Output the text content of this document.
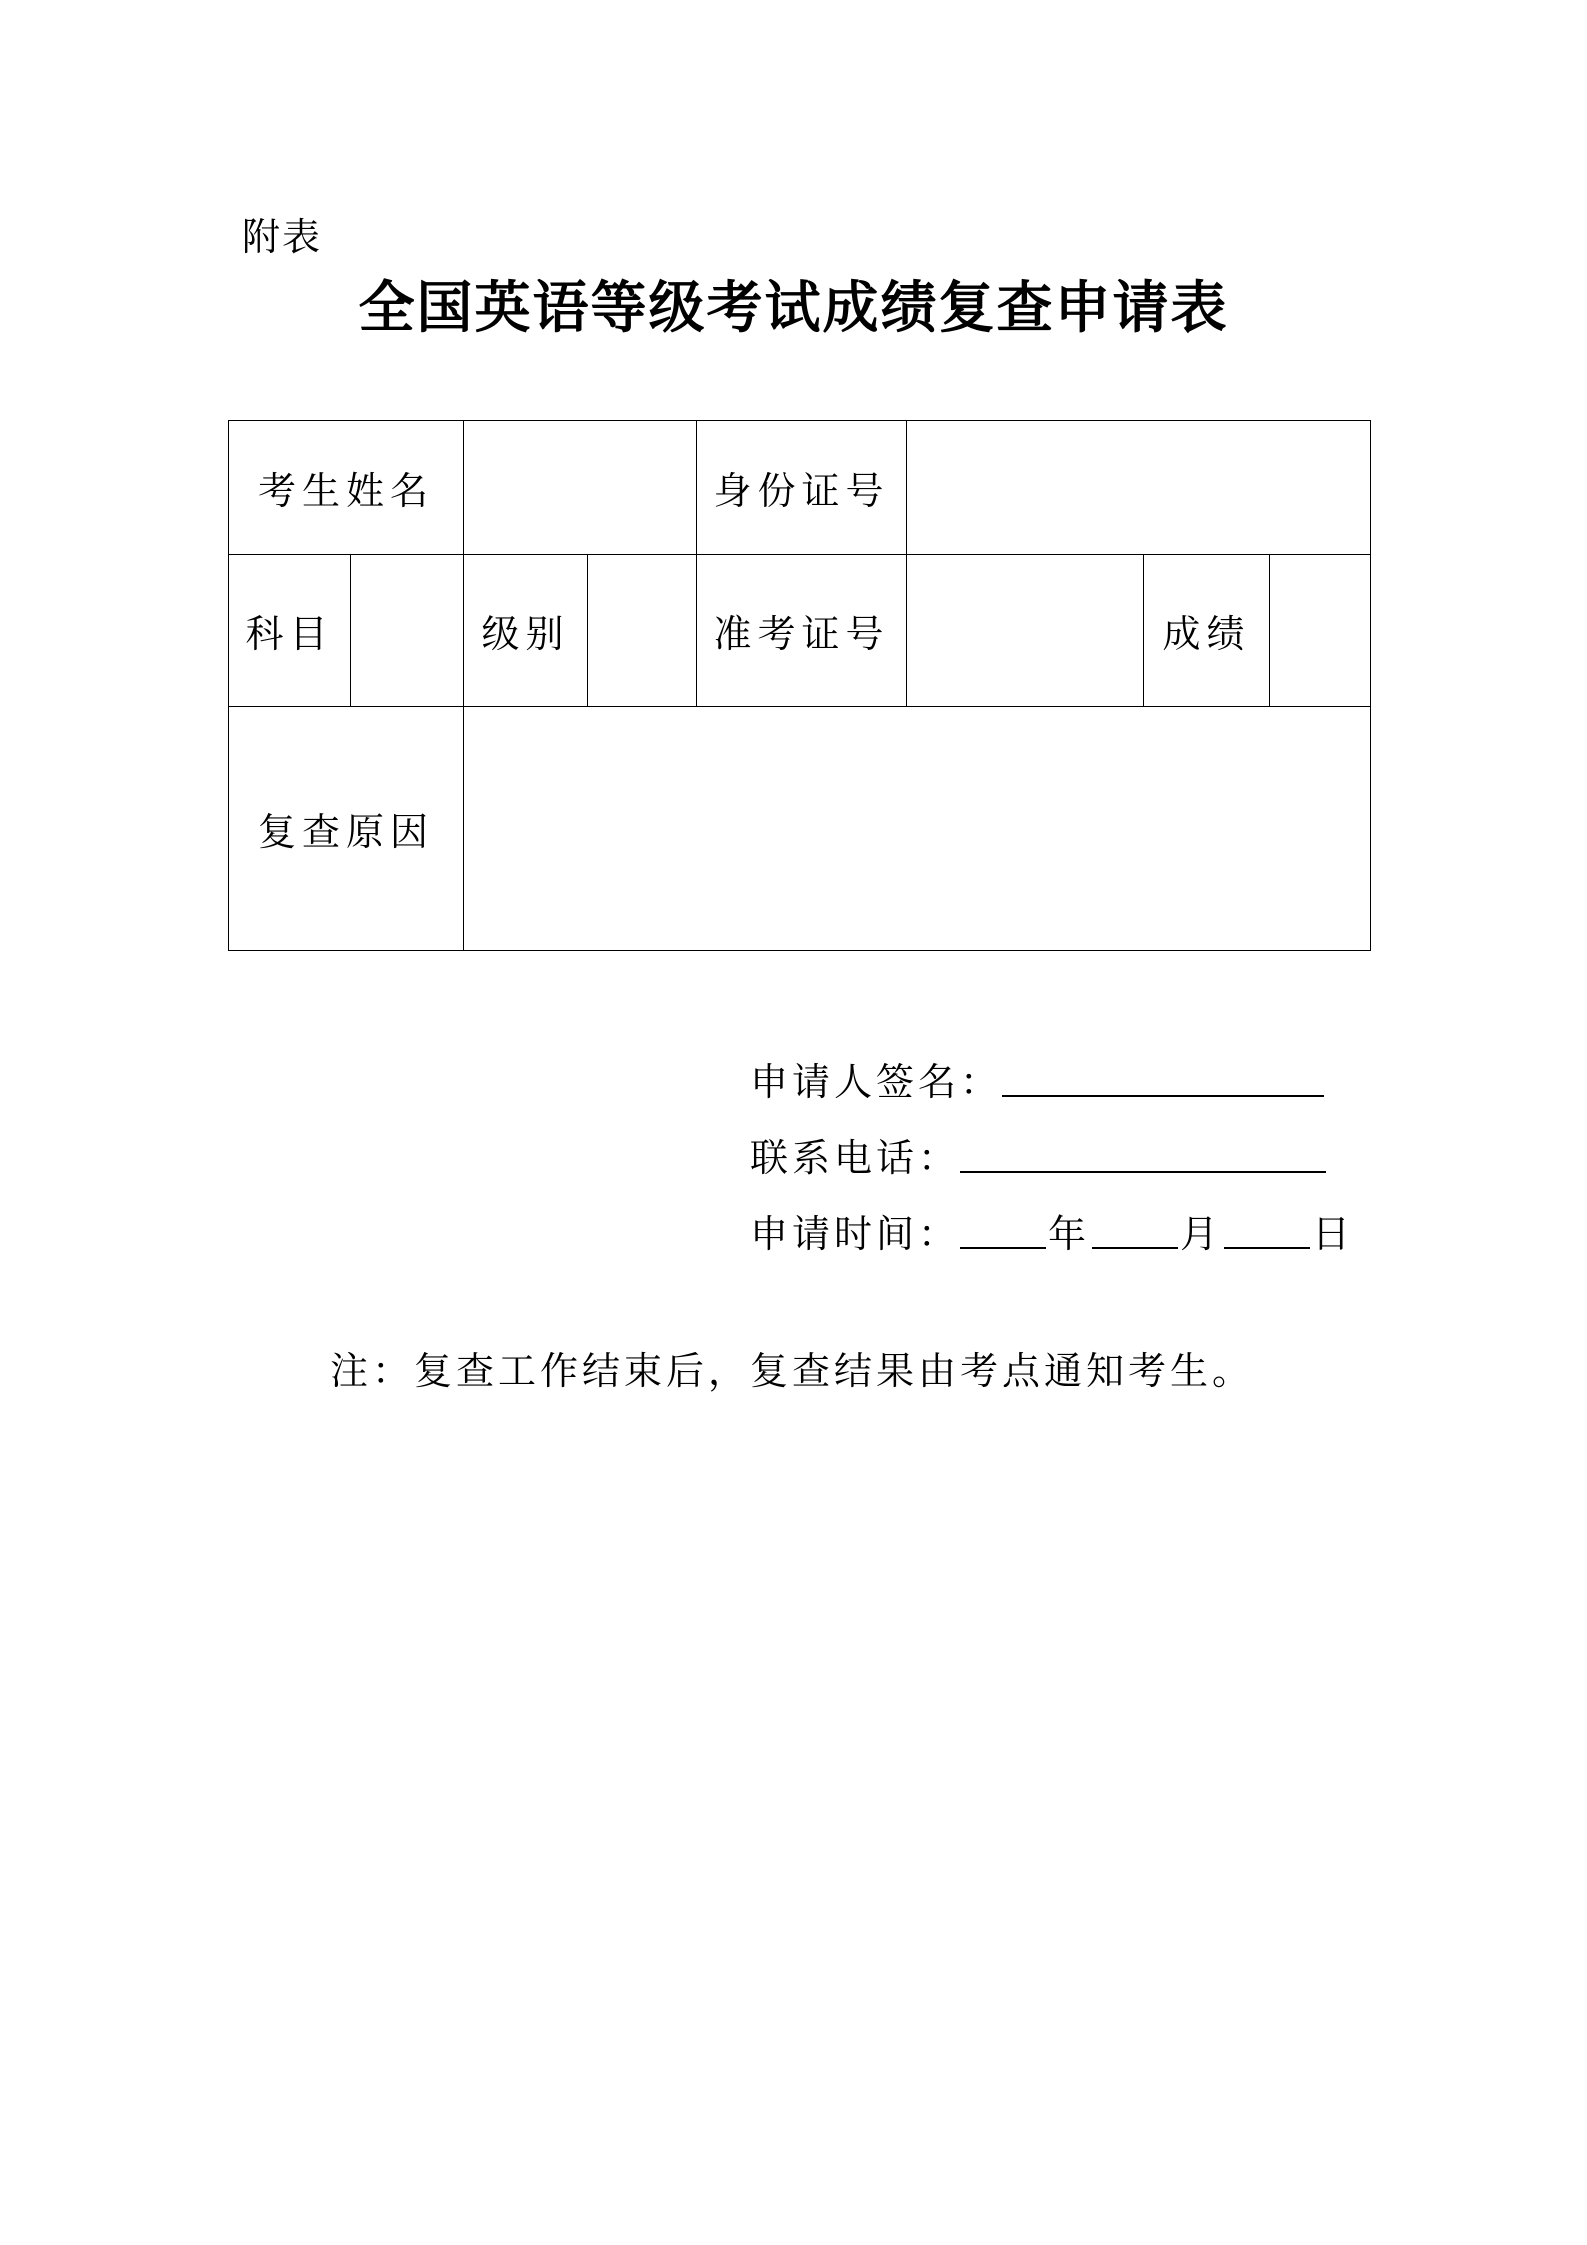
附表
全国英语等级考试成绩复查申请表
考生姓名				身份证号			
科目		级别		准考证号		成绩	
复查原因							
申请人签名：
联系电话：
申请时间： 年 月 日
注：复查工作结束后，复查结果由考点通知考生。
